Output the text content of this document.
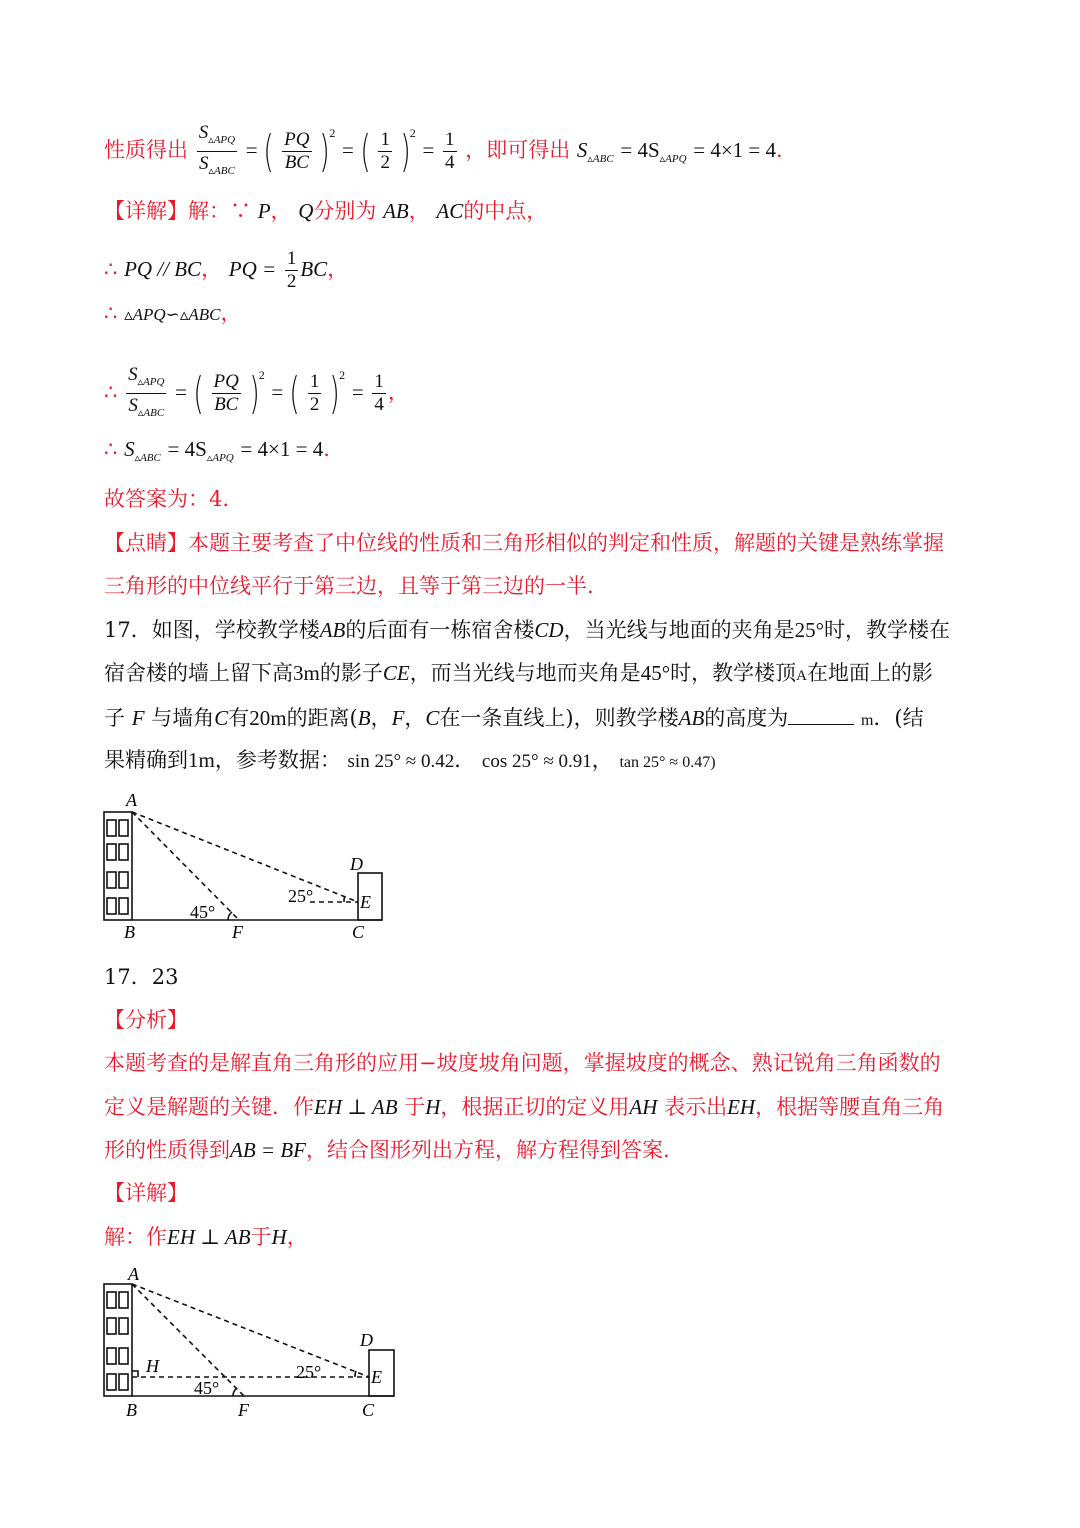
性质得出 $\frac{S_{▵APQ}}{S_{▵ABC}}$ = ( $\frac{PQ}{BC} )^2$ = ( $\frac{1}{2} )^2 = \frac{1}{4}$ ，即可得出 $S_{▵ABC} = 4S_{▵APQ} = 4\times 1 = 4$.
【详解】解：∵ P， Q分别为 AB， AC的中点，
∴ PQ // BC， PQ = $\frac{1}{2}$ BC，
∴ ▵APQ∽▵ABC，
∴ $\frac{S_{▵APQ}}{S_{▵ABC}}$ = ( $\frac{PQ}{BC} )^2$ = ( $\frac{1}{2} )^2 = \frac{1}{4}$ ，
∴ $S_{▵ABC} = 4S_{▵APQ} = 4\times 1 = 4$.
故答案为：4.
【点睛】本题主要考查了中位线的性质和三角形相似的判定和性质，解题的关键是熟练掌握
三角形的中位线平行于第三边，且等于第三边的一半.
17．如图，学校教学楼AB的后面有一栋宿舍楼CD，当光线与地面的夹角是25°时，教学楼在
宿舍楼的墙上留下高3m的影子CE，而当光线与地而夹角是45°时，教学楼顶A在地面上的影
子 F 与墙角C有20m的距离(B，F，C在一条直线上)，则教学楼AB的高度为	m．(结
果精确到1m，参考数据： sin 25° ≈ 0.42． cos 25° ≈ 0.91， tan 25° ≈ 0.47)
A
B	F	C
D
E
45°
25°
17．23
【分析】
本题考查的是解直角三角形的应用−坡度坡角问题，掌握坡度的概念、熟记锐角三角函数的
定义是解题的关键．作EH ⊥ AB 于H，根据正切的定义用AH 表示出EH，根据等腰直角三角
形的性质得到AB = BF，结合图形列出方程，解方程得到答案.
【详解】
解：作EH ⊥ AB于H，
A
B	F	C
D
E
H
45°
25°
